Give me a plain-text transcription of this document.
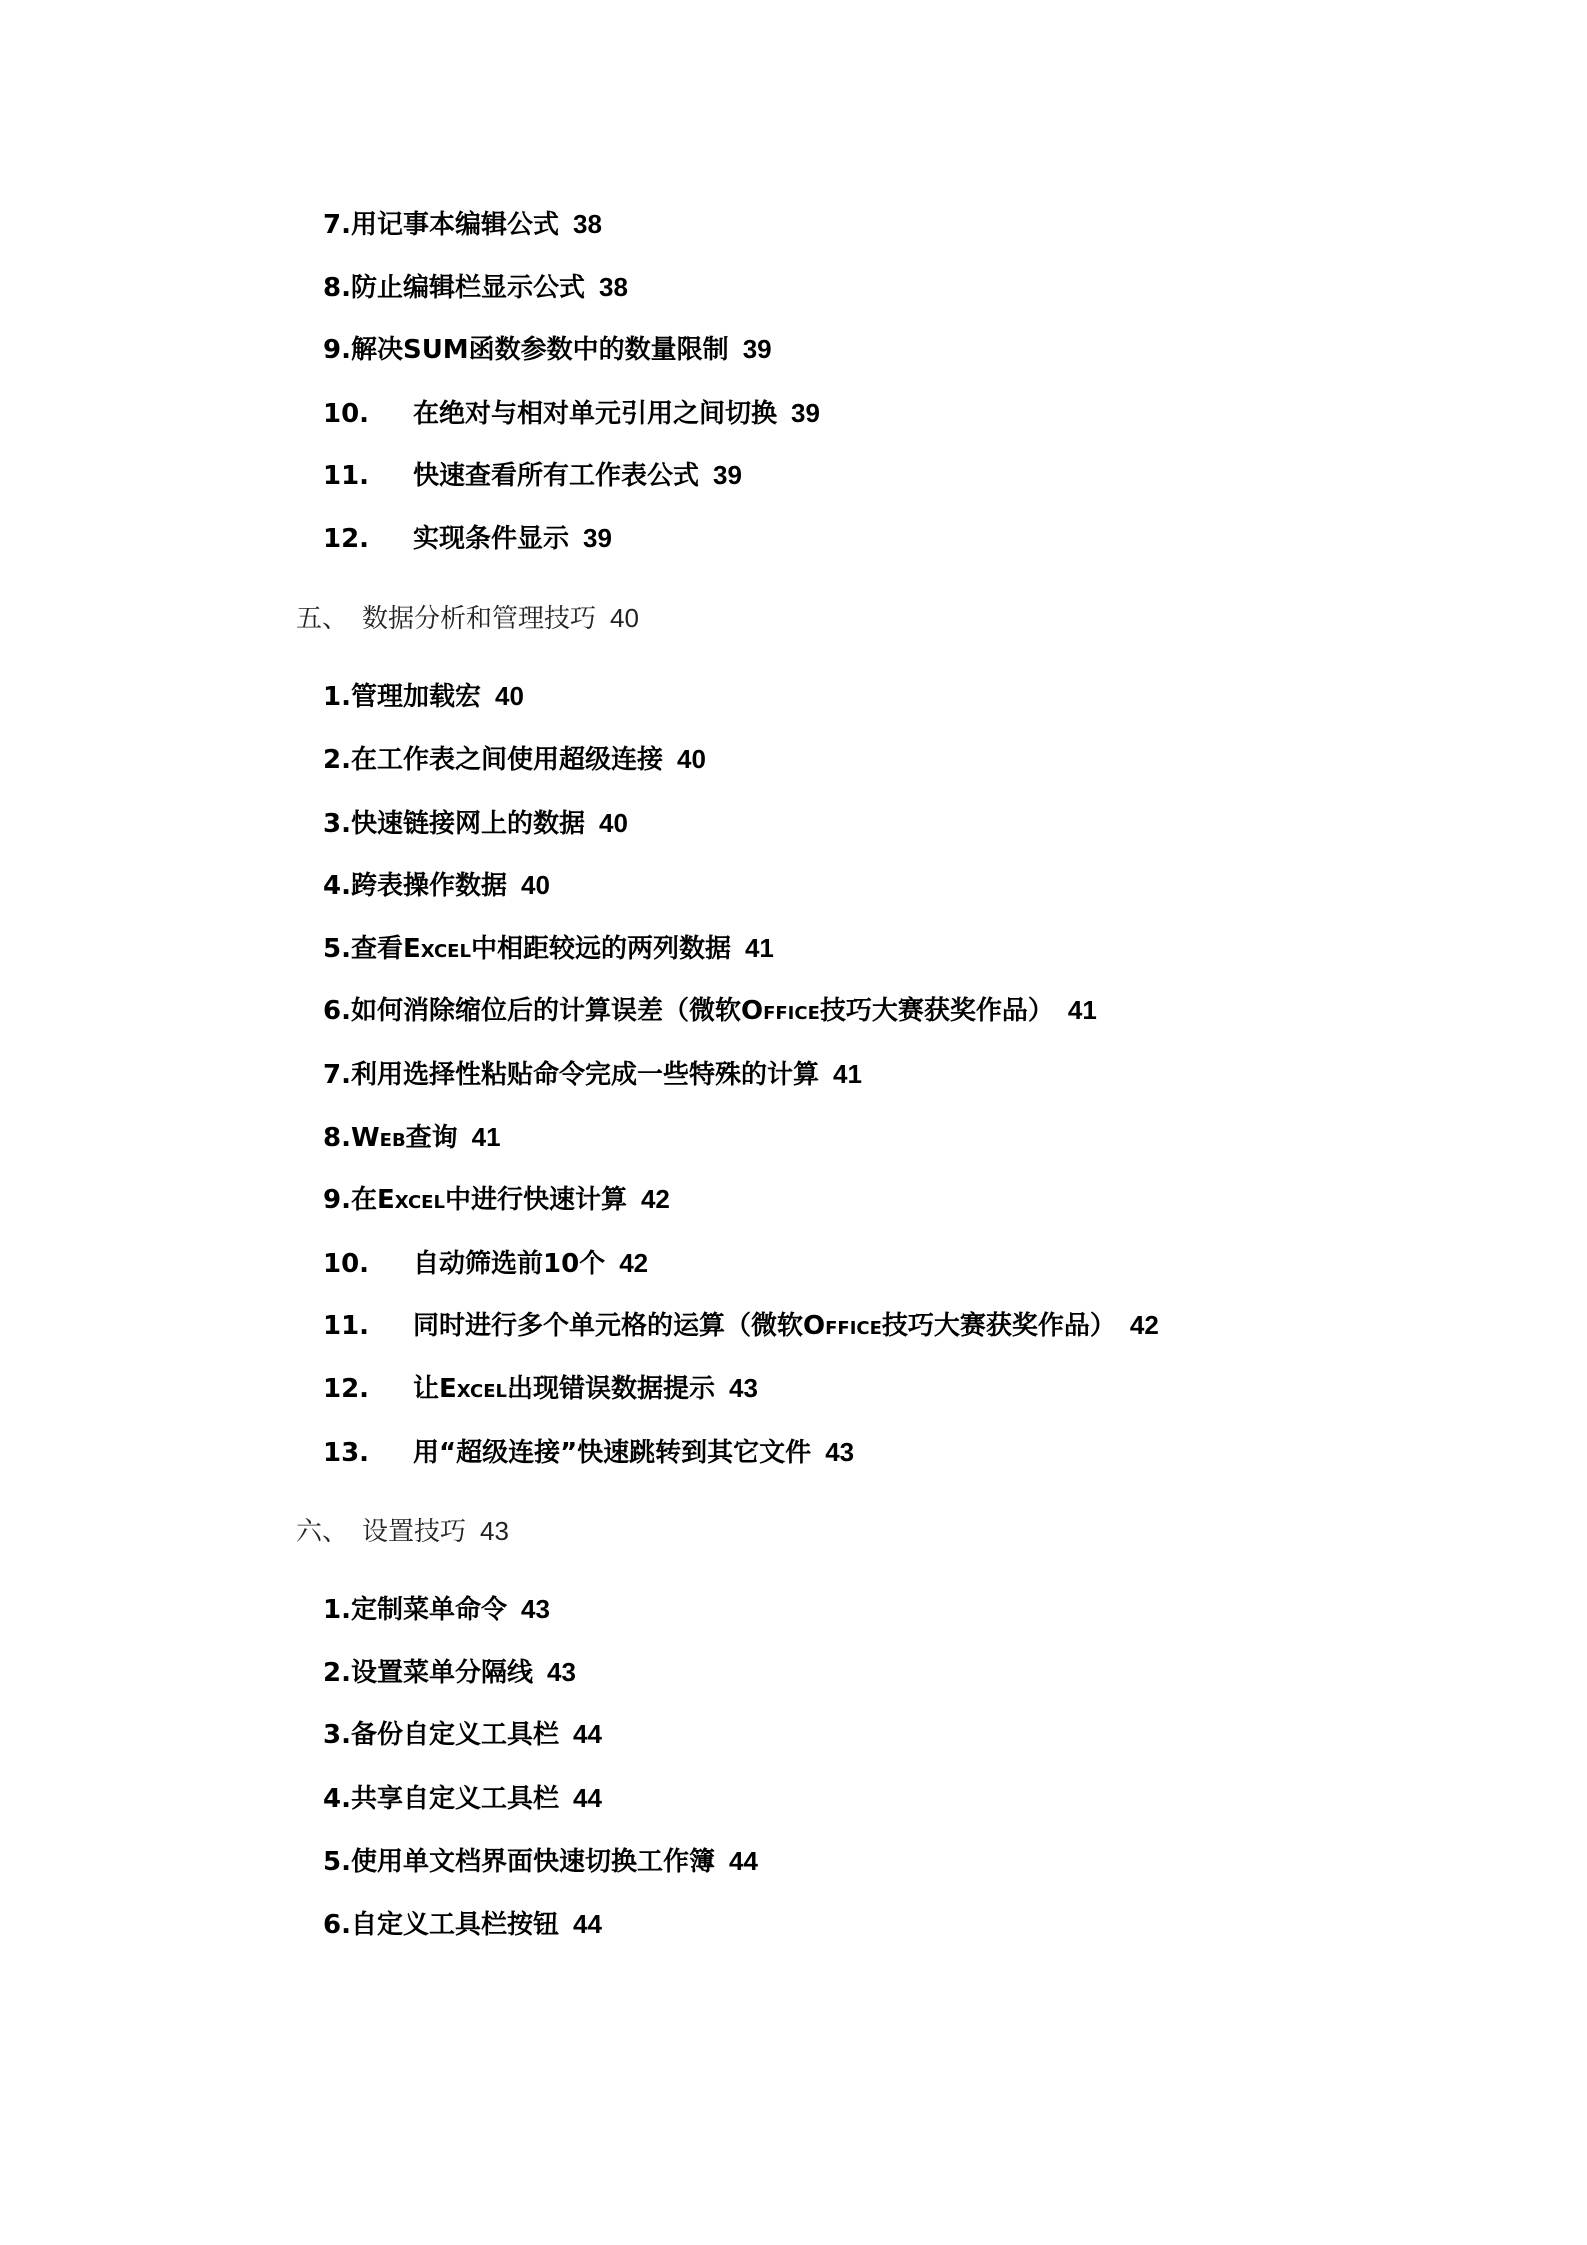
7.用记事本编辑公式 38
8.防止编辑栏显示公式 38
9.解决SUM函数参数中的数量限制 39
10. 在绝对与相对单元引用之间切换 39
11. 快速查看所有工作表公式 39
12. 实现条件显示 39
五、 数据分析和管理技巧 40
1.管理加载宏 40
2.在工作表之间使用超级连接 40
3.快速链接网上的数据 40
4.跨表操作数据 40
5.查看Excel中相距较远的两列数据 41
6.如何消除缩位后的计算误差（微软Office技巧大赛获奖作品） 41
7.利用选择性粘贴命令完成一些特殊的计算 41
8.Web查询 41
9.在Excel中进行快速计算 42
10. 自动筛选前10个 42
11. 同时进行多个单元格的运算（微软Office技巧大赛获奖作品） 42
12. 让Excel出现错误数据提示 43
13. 用“超级连接”快速跳转到其它文件 43
六、 设置技巧 43
1.定制菜单命令 43
2.设置菜单分隔线 43
3.备份自定义工具栏 44
4.共享自定义工具栏 44
5.使用单文档界面快速切换工作簿 44
6.自定义工具栏按钮 44
